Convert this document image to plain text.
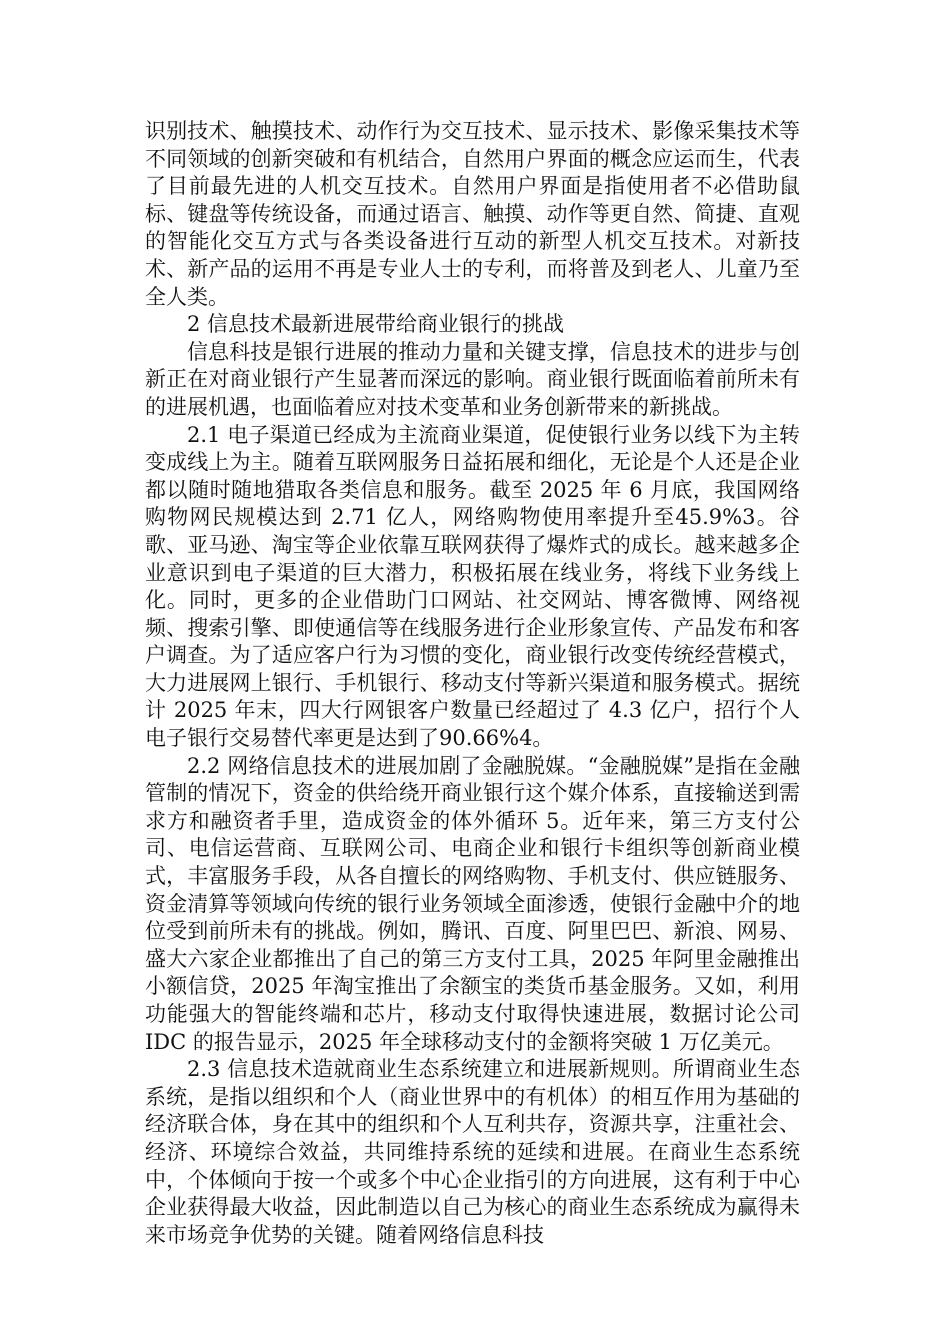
识别技术、触摸技术、动作行为交互技术、显示技术、影像采集技术等不同领域的创新突破和有机结合，自然用户界面的概念应运而生，代表了目前最先进的人机交互技术。自然用户界面是指使用者不必借助鼠标、键盘等传统设备，而通过语言、触摸、动作等更自然、简捷、直观的智能化交互方式与各类设备进行互动的新型人机交互技术。对新技术、新产品的运用不再是专业人士的专利，而将普及到老人、儿童乃至全人类。

2 信息技术最新进展带给商业银行的挑战

信息科技是银行进展的推动力量和关键支撑，信息技术的进步与创新正在对商业银行产生显著而深远的影响。商业银行既面临着前所未有的进展机遇，也面临着应对技术变革和业务创新带来的新挑战。

2.1 电子渠道已经成为主流商业渠道，促使银行业务以线下为主转变成线上为主。随着互联网服务日益拓展和细化，无论是个人还是企业都以随时随地猎取各类信息和服务。截至 2025 年 6 月底，我国网络购物网民规模达到 2.71 亿人，网络购物使用率提升至45.9%3。谷歌、亚马逊、淘宝等企业依靠互联网获得了爆炸式的成长。越来越多企业意识到电子渠道的巨大潜力，积极拓展在线业务，将线下业务线上化。同时，更多的企业借助门口网站、社交网站、博客微博、网络视频、搜索引擎、即使通信等在线服务进行企业形象宣传、产品发布和客户调查。为了适应客户行为习惯的变化，商业银行改变传统经营模式，大力进展网上银行、手机银行、移动支付等新兴渠道和服务模式。据统计 2025 年末，四大行网银客户数量已经超过了 4.3 亿户，招行个人电子银行交易替代率更是达到了90.66%4。

2.2 网络信息技术的进展加剧了金融脱媒。“金融脱媒”是指在金融管制的情况下，资金的供给绕开商业银行这个媒介体系，直接输送到需求方和融资者手里，造成资金的体外循环 5。近年来，第三方支付公司、电信运营商、互联网公司、电商企业和银行卡组织等创新商业模式，丰富服务手段，从各自擅长的网络购物、手机支付、供应链服务、资金清算等领域向传统的银行业务领域全面渗透，使银行金融中介的地位受到前所未有的挑战。例如，腾讯、百度、阿里巴巴、新浪、网易、盛大六家企业都推出了自己的第三方支付工具，2025 年阿里金融推出小额信贷，2025 年淘宝推出了余额宝的类货币基金服务。又如，利用功能强大的智能终端和芯片，移动支付取得快速进展，数据讨论公司 IDC 的报告显示，2025 年全球移动支付的金额将突破 1 万亿美元。

2.3 信息技术造就商业生态系统建立和进展新规则。所谓商业生态系统，是指以组织和个人（商业世界中的有机体）的相互作用为基础的经济联合体，身在其中的组织和个人互利共存，资源共享，注重社会、经济、环境综合效益，共同维持系统的延续和进展。在商业生态系统中，个体倾向于按一个或多个中心企业指引的方向进展，这有利于中心企业获得最大收益，因此制造以自己为核心的商业生态系统成为赢得未来市场竞争优势的关键。随着网络信息科技
